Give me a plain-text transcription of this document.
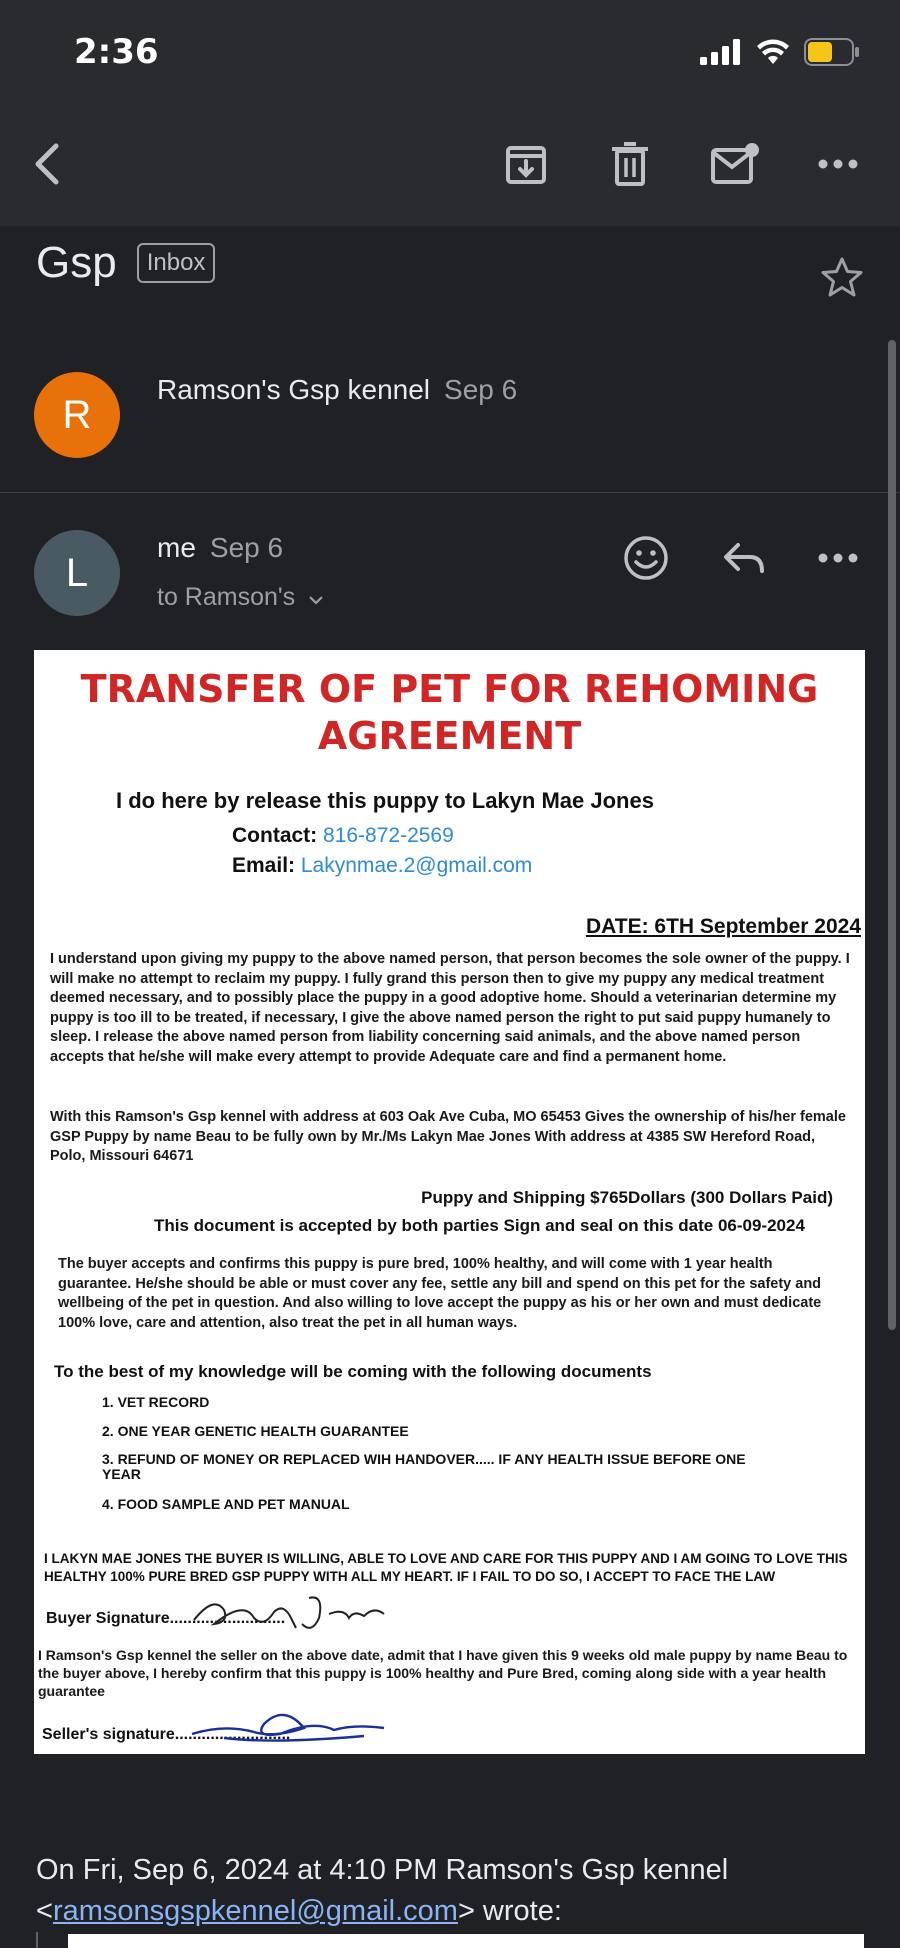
2:36
Gsp	Inbox
R
Ramson's Gsp kennel Sep 6
L
me Sep 6
to Ramson's
TRANSFER OF PET FOR REHOMING
AGREEMENT
I do here by release this puppy to Lakyn Mae Jones
Contact: 816-872-2569
Email: Lakynmae.2@gmail.com
DATE: 6TH September 2024
I understand upon giving my puppy to the above named person, that person becomes the sole owner of the puppy. I will make no attempt to reclaim my puppy. I fully grand this person then to give my puppy any medical treatment deemed necessary, and to possibly place the puppy in a good adoptive home. Should a veterinarian determine my puppy is too ill to be treated, if necessary, I give the above named person the right to put said puppy humanely to sleep. I release the above named person from liability concerning said animals, and the above named person accepts that he/she will make every attempt to provide Adequate care and find a permanent home.
With this Ramson's Gsp kennel with address at 603 Oak Ave Cuba, MO 65453 Gives the ownership of his/her female GSP Puppy by name Beau to be fully own by Mr./Ms Lakyn Mae Jones With address at 4385 SW Hereford Road, Polo, Missouri 64671
Puppy and Shipping $765Dollars (300 Dollars Paid)
This document is accepted by both parties Sign and seal on this date 06-09-2024
The buyer accepts and confirms this puppy is pure bred, 100% healthy, and will come with 1 year health guarantee. He/she should be able or must cover any fee, settle any bill and spend on this pet for the safety and wellbeing of the pet in question. And also willing to love accept the puppy as his or her own and must dedicate 100% love, care and attention, also treat the pet in all human ways.
To the best of my knowledge will be coming with the following documents
1. VET RECORD
2. ONE YEAR GENETIC HEALTH GUARANTEE
3. REFUND OF MONEY OR REPLACED WIH HANDOVER..... IF ANY HEALTH ISSUE BEFORE ONE YEAR
4. FOOD SAMPLE AND PET MANUAL
I LAKYN MAE JONES THE BUYER IS WILLING, ABLE TO LOVE AND CARE FOR THIS PUPPY AND I AM GOING TO LOVE THIS HEALTHY 100% PURE BRED GSP PUPPY WITH ALL MY HEART. IF I FAIL TO DO SO, I ACCEPT TO FACE THE LAW
Buyer Signature..........................
I Ramson's Gsp kennel the seller on the above date, admit that I have given this 9 weeks old male puppy by name Beau to the buyer above, I hereby confirm that this puppy is 100% healthy and Pure Bred, coming along side with a year health guarantee
Seller's signature..........................
On Fri, Sep 6, 2024 at 4:10 PM Ramson's Gsp kennel <ramsonsgspkennel@gmail.com> wrote:
